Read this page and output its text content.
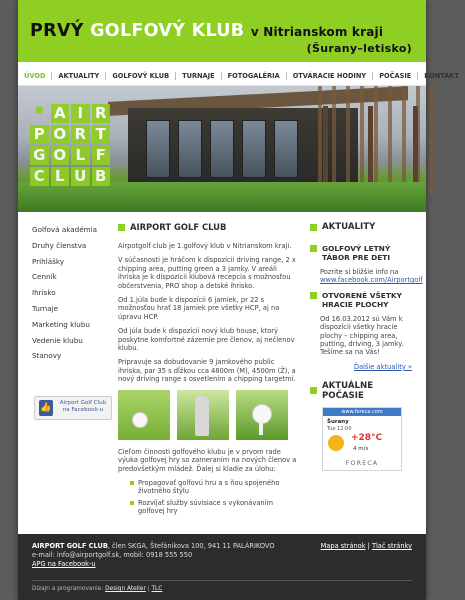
PRVÝ GOLFOVÝ KLUB v Nitrianskom kraji
(Šurany–letisko)
ÚVOD	AKTUALITY	GOLFOVÝ KLUB	TURNAJE	FOTOGALÉRIA	OTVÁRACIE HODINY	POČASIE	KONTAKT
• A I R
P O R T
G O L F
C L U B
Golfová akadémia
Druhy členstva
Prihlášky
Cenník
Ihrisko
Turnaje
Marketing klubu
Vedenie klubu
Stanovy
👍	Airport Golf Club na Facebook-u
AIRPORT GOLF CLUB

Airpotgolf club je 1.golfový klub v Nitrianskom kraji.

V súčasnosti je hráčom k dispozícii driving range, 2 x chipping area, putting green a 3 jamky. V areáli ihriska je k dispozícii klubová recepcia s možnosťou občerstvenia, PRO shop a detské ihrisko.

Od 1.júla bude k dispozícii 6 jamiek, pr 22 s možnosťou hrať 18 jamiek pre všetky HCP, aj na úpravu HCP.

Od júla bude k dispozícii nový klub house, ktorý poskytne komfortné zázemie pre členov, aj nečlenov klubu.

Pripravuje sa dobudovanie 9 jamkového public ihriska, par 35 s dĺžkou cca 4800m (M), 4500m (Ž), a nový driving range s osvetlením a chipping targetmi.

Cieľom činnosti golfového klubu je v prvom rade výuka golfovej hry so zameraním na nových členov a predovšetkým mládež. Ďalej si kladie za úlohu:

Propagovať golfovú hru a s ňou spojeného životného štýlu
Rozvíjať služby súvisiace s vykonávaním golfovej hry
AKTUALITY
GOLFOVÝ LETNÝ TÁBOR PRE DETI

Pozrite si bližšie info na
www.facebook.com/Airportgolf

OTVORENÉ VŠETKY HRACIE PLOCHY

Od 16.03.2012 sú Vám k dispozícii všetky hracie plochy – chipping area, putting, driving, 3 jamky. Tešíme sa na Vás!

Ďalšie aktuality »
AKTUÁLNE POČASIE
www.foreca.com
Šurany
Tue 12:00
+28°C
4 m/s
FORECA
AIRPORT GOLF CLUB, člen SKGA, Štefánikova 100, 941 11 PALÁRIKOVO
e-mail: info@airportgolf.sk, mobil: 0918 555 550
APG na Facebook-u
Mapa stránok | Tlač stránky
Dizajn a programovanie: Design Atelier | TLC
